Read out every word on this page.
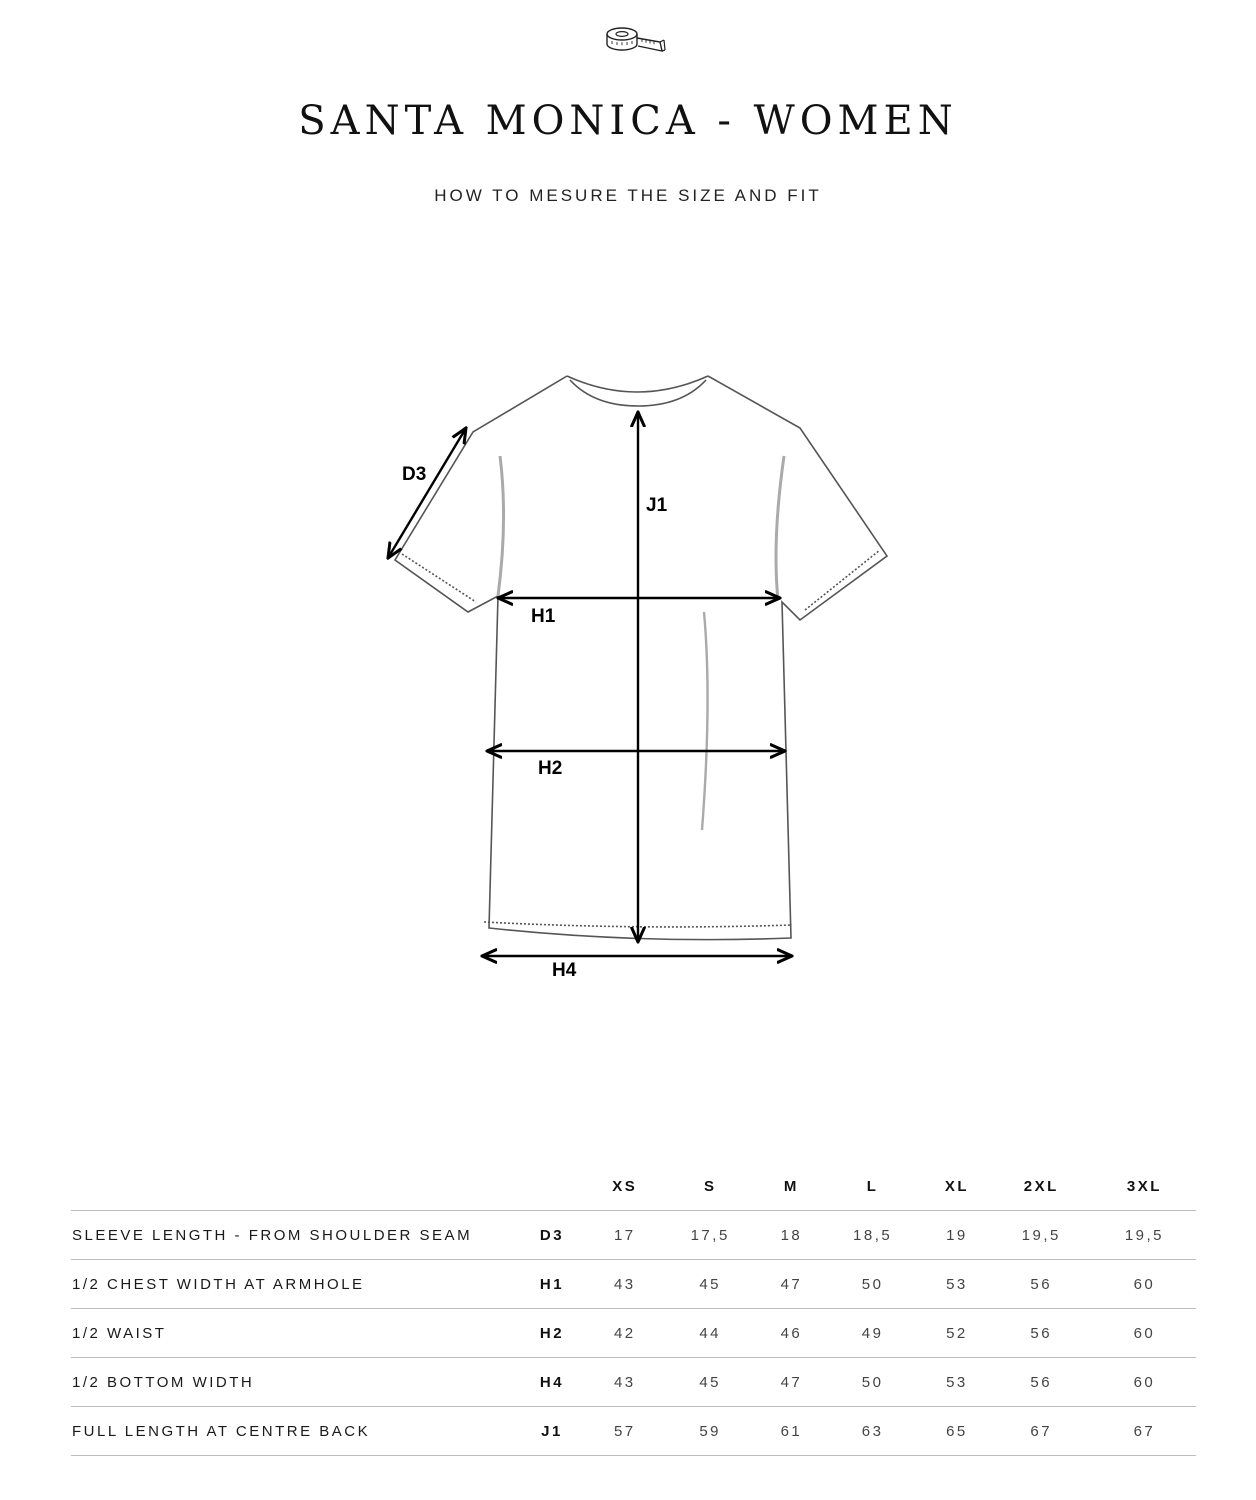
SANTA MONICA - WOMEN
HOW TO MESURE THE SIZE AND FIT
D3
J1
H1
H2
H4
		XS	S	M	L	XL	2XL	3XL
SLEEVE LENGTH - FROM SHOULDER SEAM	D3	17	17,5	18	18,5	19	19,5	19,5
1/2 CHEST WIDTH AT ARMHOLE	H1	43	45	47	50	53	56	60
1/2 WAIST	H2	42	44	46	49	52	56	60
1/2 BOTTOM WIDTH	H4	43	45	47	50	53	56	60
FULL LENGTH AT CENTRE BACK	J1	57	59	61	63	65	67	67
